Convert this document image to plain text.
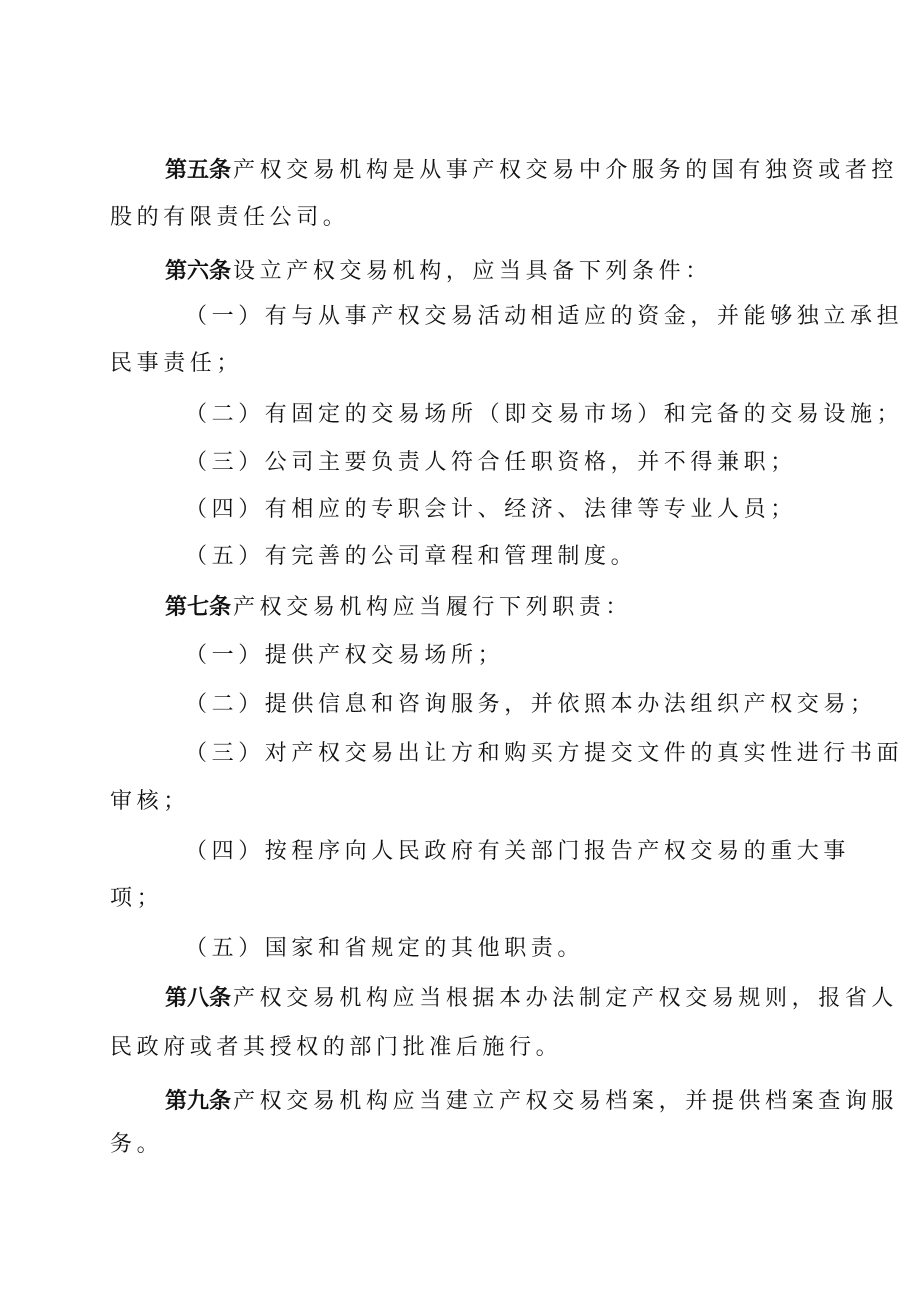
第五条产权交易机构是从事产权交易中介服务的国有独资或者控
股的有限责任公司。
第六条设立产权交易机构，应当具备下列条件：
（一）有与从事产权交易活动相适应的资金，并能够独立承担
民事责任；
（二）有固定的交易场所（即交易市场）和完备的交易设施；
（三）公司主要负责人符合任职资格，并不得兼职；
（四）有相应的专职会计、经济、法律等专业人员；
（五）有完善的公司章程和管理制度。
第七条产权交易机构应当履行下列职责：
（一）提供产权交易场所；
（二）提供信息和咨询服务，并依照本办法组织产权交易；
（三）对产权交易出让方和购买方提交文件的真实性进行书面
审核；
（四）按程序向人民政府有关部门报告产权交易的重大事
项；
（五）国家和省规定的其他职责。
第八条产权交易机构应当根据本办法制定产权交易规则，报省人
民政府或者其授权的部门批准后施行。
第九条产权交易机构应当建立产权交易档案，并提供档案查询服
务。
